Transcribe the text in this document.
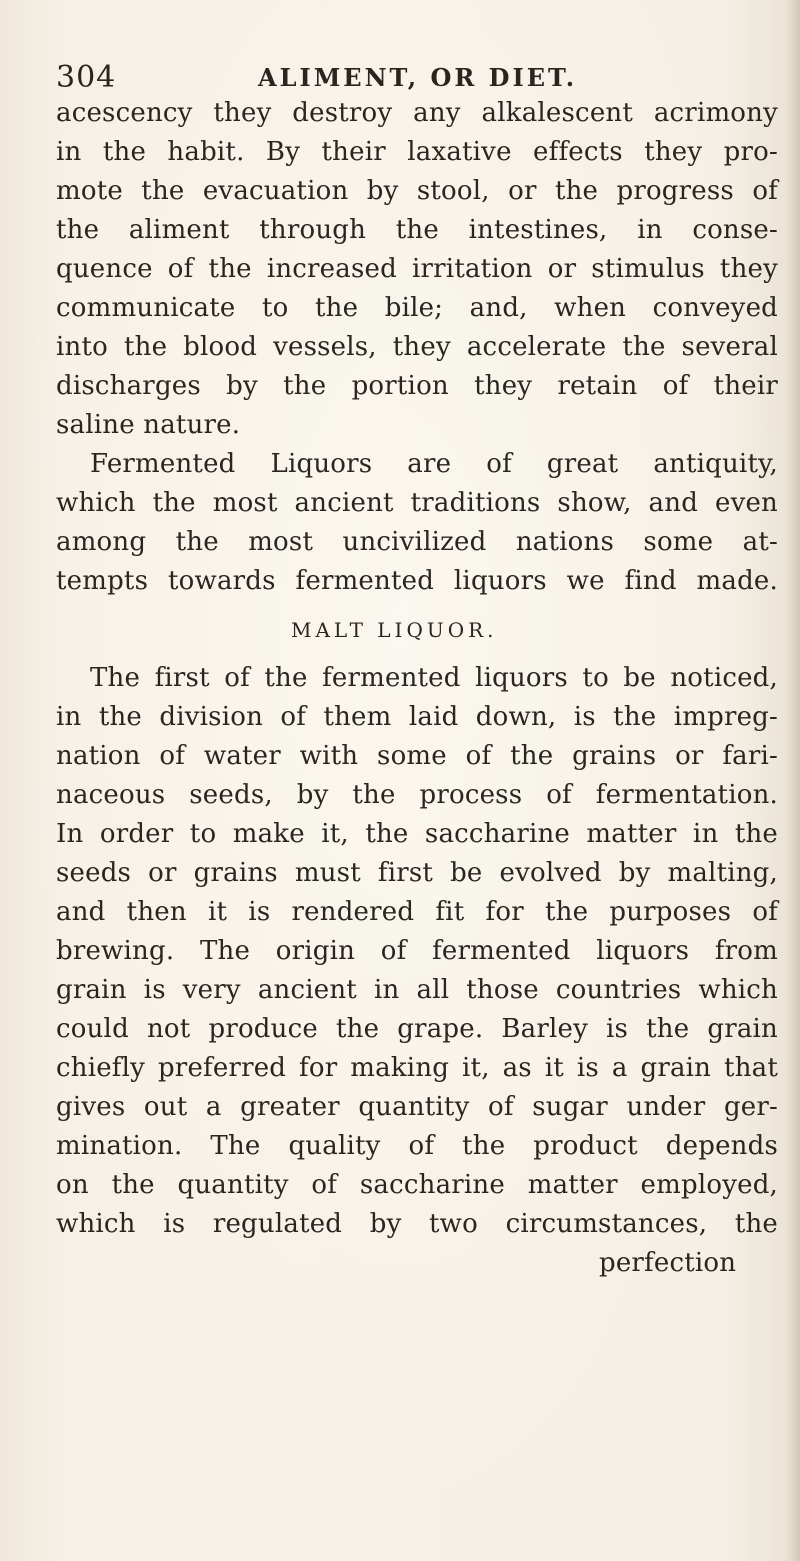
304	ALIMENT, OR DIET.
acescency they destroy any alkalescent acrimony
in the habit. By their laxative effects they pro-
mote the evacuation by stool, or the progress of
the aliment through the intestines, in conse-
quence of the increased irritation or stimulus they
communicate to the bile; and, when conveyed
into the blood vessels, they accelerate the several
discharges by the portion they retain of their
saline nature.
Fermented Liquors are of great antiquity,
which the most ancient traditions show, and even
among the most uncivilized nations some at-
tempts towards fermented liquors we find made.
MALT LIQUOR.
The first of the fermented liquors to be noticed,
in the division of them laid down, is the impreg-
nation of water with some of the grains or fari-
naceous seeds, by the process of fermentation.
In order to make it, the saccharine matter in the
seeds or grains must first be evolved by malting,
and then it is rendered fit for the purposes of
brewing. The origin of fermented liquors from
grain is very ancient in all those countries which
could not produce the grape. Barley is the grain
chiefly preferred for making it, as it is a grain that
gives out a greater quantity of sugar under ger-
mination. The quality of the product depends
on the quantity of saccharine matter employed,
which is regulated by two circumstances, the
perfection
